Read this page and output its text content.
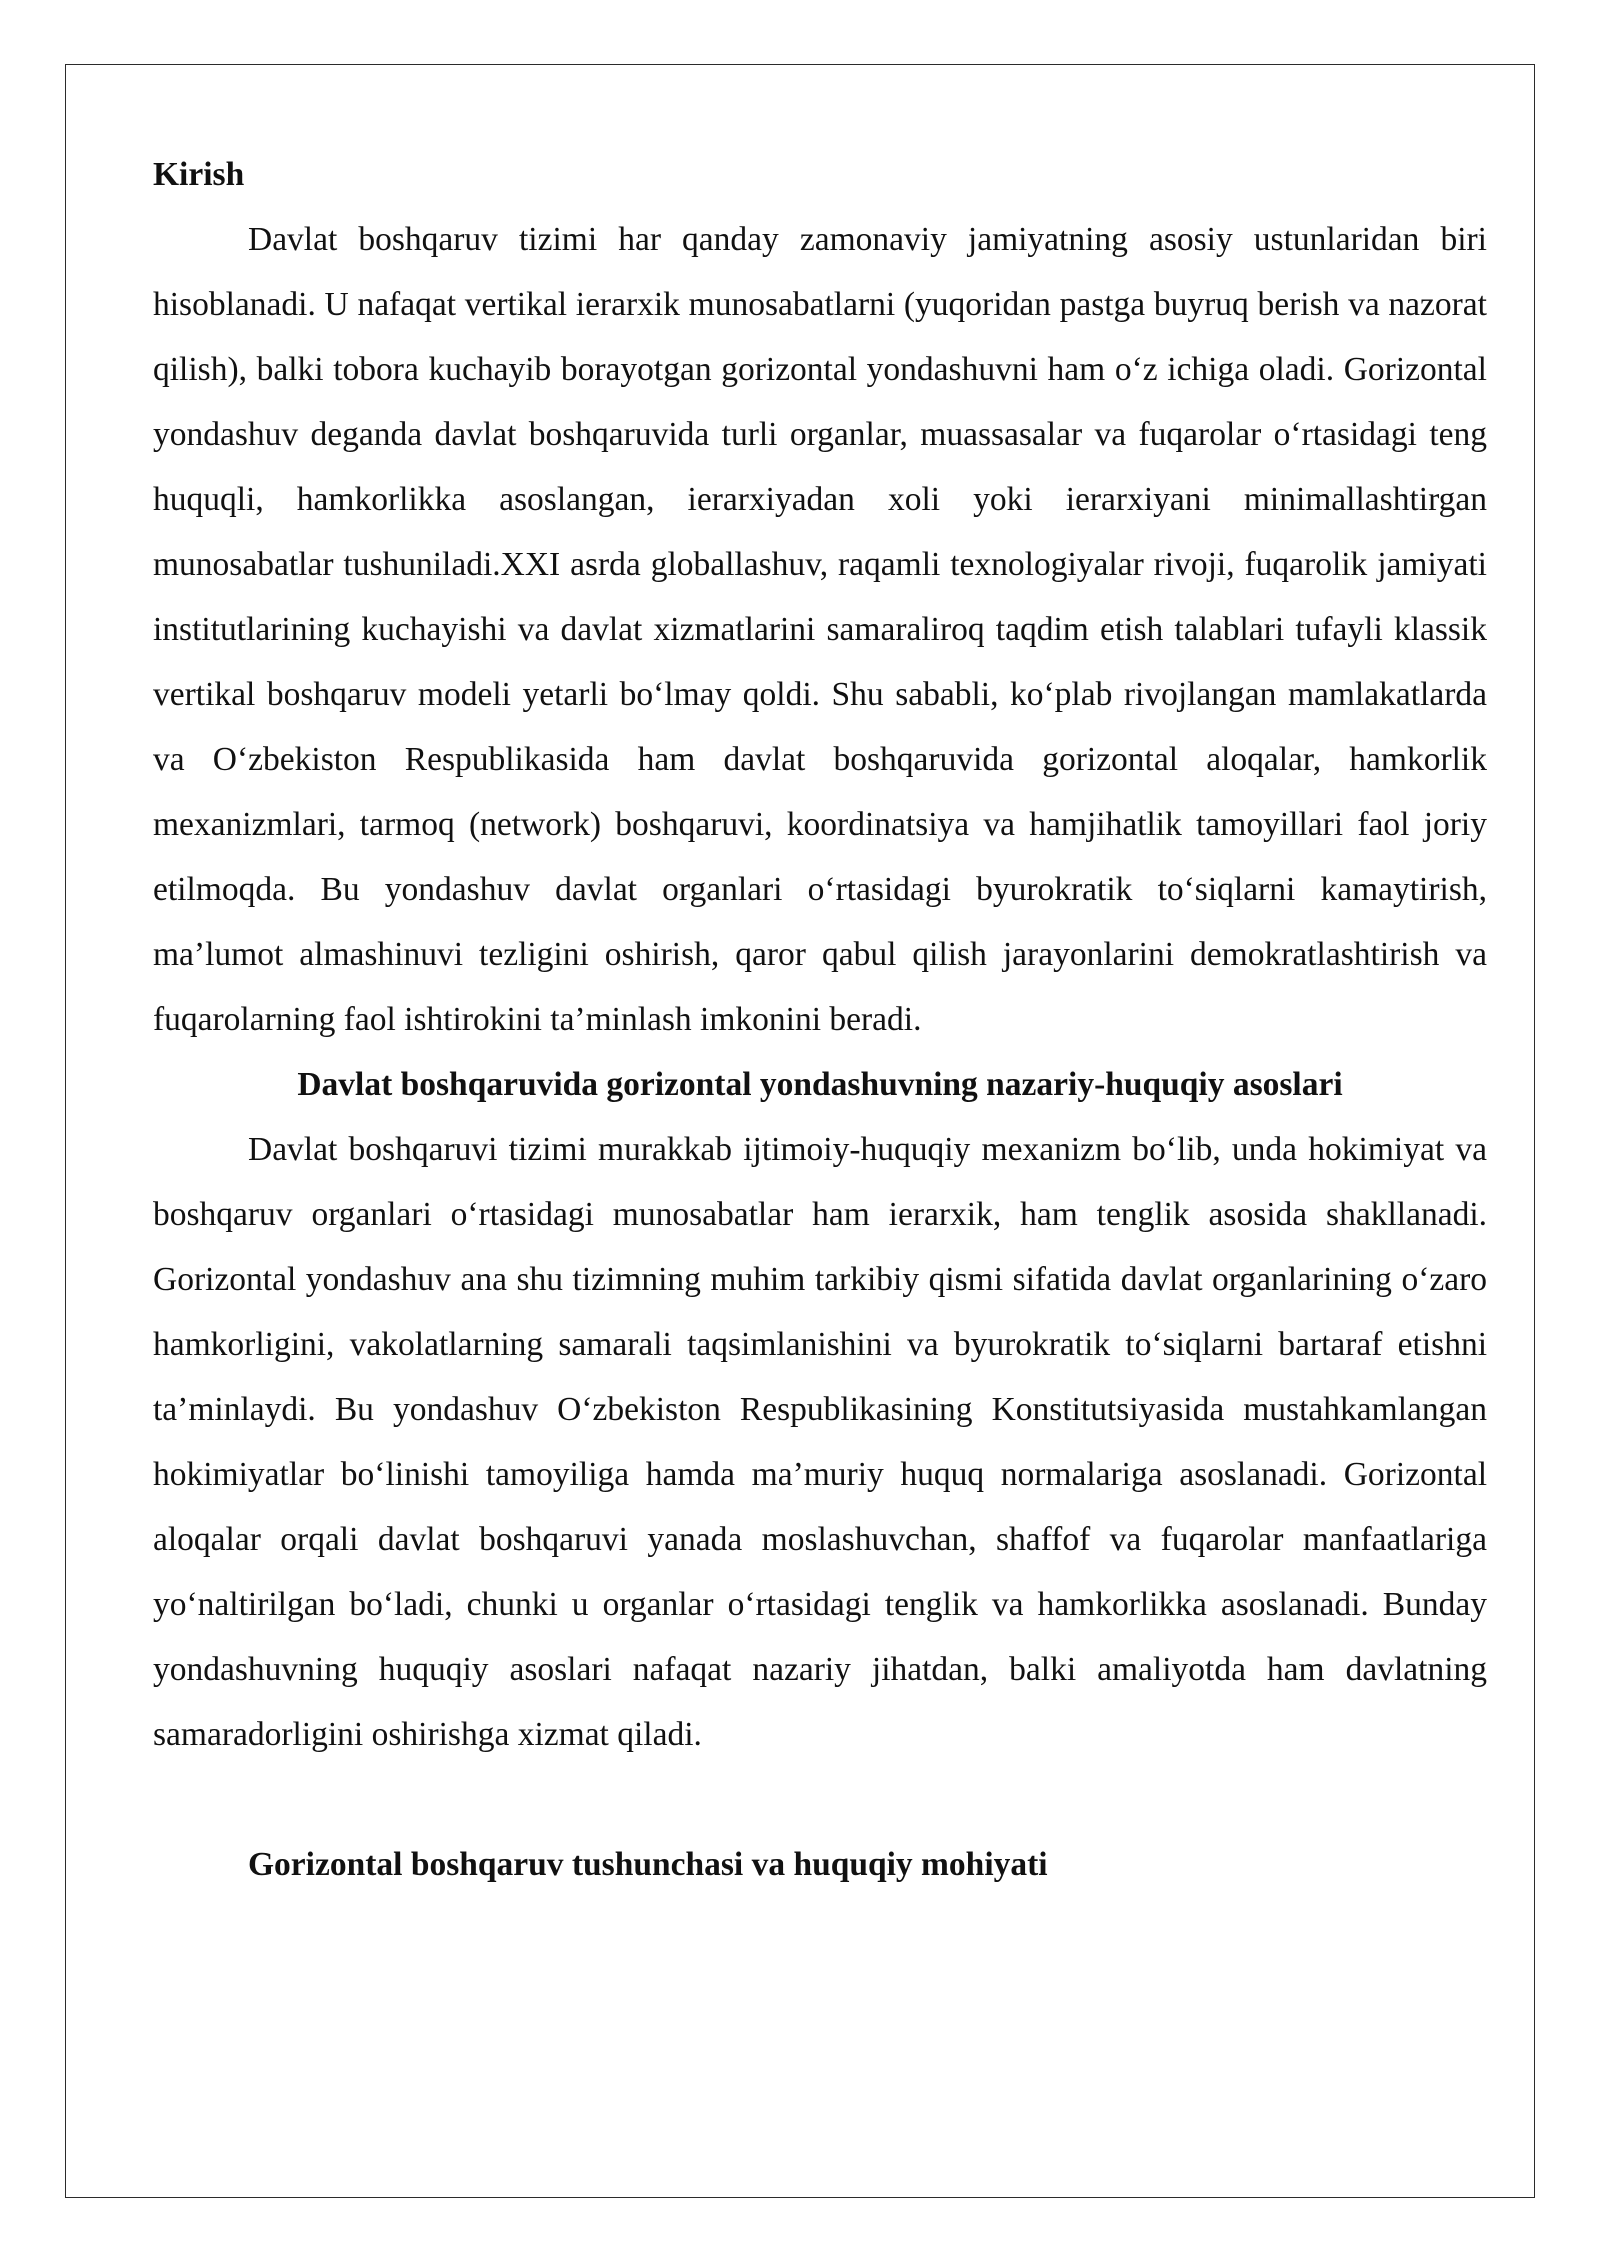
Kirish

Davlat boshqaruv tizimi har qanday zamonaviy jamiyatning asosiy ustunlaridan biri hisoblanadi. U nafaqat vertikal ierarxik munosabatlarni (yuqoridan pastga buyruq berish va nazorat qilish), balki tobora kuchayib borayotgan gorizontal yondashuvni ham o‘z ichiga oladi. Gorizontal yondashuv deganda davlat boshqaruvida turli organlar, muassasalar va fuqarolar o‘rtasidagi teng huquqli, hamkorlikka asoslangan, ierarxiyadan xoli yoki ierarxiyani minimallashtirgan munosabatlar tushuniladi.XXI asrda globallashuv, raqamli texnologiyalar rivoji, fuqarolik jamiyati institutlarining kuchayishi va davlat xizmatlarini samaraliroq taqdim etish talablari tufayli klassik vertikal boshqaruv modeli yetarli bo‘lmay qoldi. Shu sababli, ko‘plab rivojlangan mamlakatlarda va O‘zbekiston Respublikasida ham davlat boshqaruvida gorizontal aloqalar, hamkorlik mexanizmlari, tarmoq (network) boshqaruvi, koordinatsiya va hamjihatlik tamoyillari faol joriy etilmoqda. Bu yondashuv davlat organlari o‘rtasidagi byurokratik to‘siqlarni kamaytirish, ma’lumot almashinuvi tezligini oshirish, qaror qabul qilish jarayonlarini demokratlashtirish va fuqarolarning faol ishtirokini ta’minlash imkonini beradi.

Davlat boshqaruvida gorizontal yondashuvning nazariy-huquqiy asoslari

Davlat boshqaruvi tizimi murakkab ijtimoiy-huquqiy mexanizm bo‘lib, unda hokimiyat va boshqaruv organlari o‘rtasidagi munosabatlar ham ierarxik, ham tenglik asosida shakllanadi. Gorizontal yondashuv ana shu tizimning muhim tarkibiy qismi sifatida davlat organlarining o‘zaro hamkorligini, vakolatlarning samarali taqsimlanishini va byurokratik to‘siqlarni bartaraf etishni ta’minlaydi. Bu yondashuv O‘zbekiston Respublikasining Konstitutsiyasida mustahkamlangan hokimiyatlar bo‘linishi tamoyiliga hamda ma’muriy huquq normalariga asoslanadi. Gorizontal aloqalar orqali davlat boshqaruvi yanada moslashuvchan, shaffof va fuqarolar manfaatlariga yo‘naltirilgan bo‘ladi, chunki u organlar o‘rtasidagi tenglik va hamkorlikka asoslanadi. Bunday yondashuvning huquqiy asoslari nafaqat nazariy jihatdan, balki amaliyotda ham davlatning samaradorligini oshirishga xizmat qiladi.

Gorizontal boshqaruv tushunchasi va huquqiy mohiyati
